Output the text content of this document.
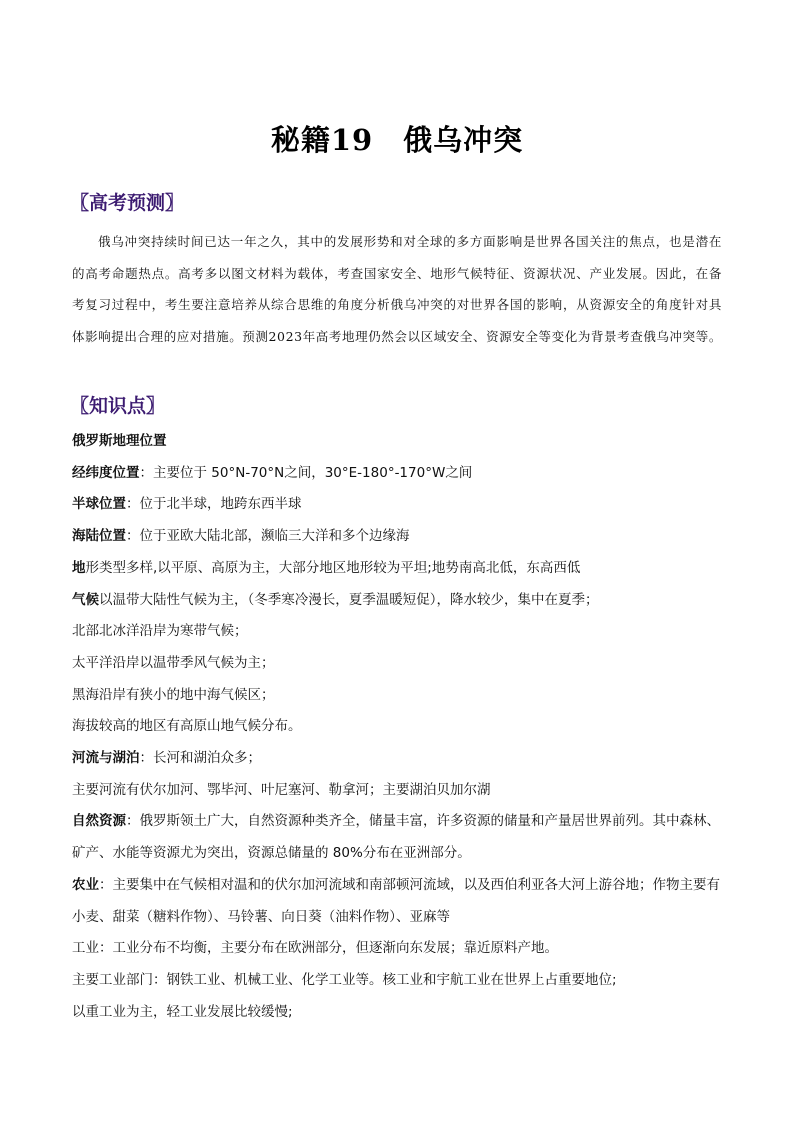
秘籍19　俄乌冲突
〖高考预测〗
俄乌冲突持续时间已达一年之久，其中的发展形势和对全球的多方面影响是世界各国关注的焦点，也是潜在的高考命题热点。高考多以图文材料为载体，考查国家安全、地形气候特征、资源状况、产业发展。因此，在备考复习过程中，考生要注意培养从综合思维的角度分析俄乌冲突的对世界各国的影响，从资源安全的角度针对具体影响提出合理的应对措施。预测2023年高考地理仍然会以区域安全、资源安全等变化为背景考查俄乌冲突等。
〖知识点〗
俄罗斯地理位置
经纬度位置：主要位于 50°N-70°N之间，30°E-180°-170°W之间
半球位置：位于北半球，地跨东西半球
海陆位置：位于亚欧大陆北部，濒临三大洋和多个边缘海
地形类型多样,以平原、高原为主，大部分地区地形较为平坦;地势南高北低，东高西低
气候以温带大陆性气候为主，（冬季寒冷漫长，夏季温暖短促），降水较少，集中在夏季；
北部北冰洋沿岸为寒带气候；
太平洋沿岸以温带季风气候为主；
黑海沿岸有狭小的地中海气候区；
海拔较高的地区有高原山地气候分布。
河流与湖泊：长河和湖泊众多；
主要河流有伏尔加河、鄂毕河、叶尼塞河、勒拿河；主要湖泊贝加尔湖
自然资源：俄罗斯领土广大，自然资源种类齐全，储量丰富，许多资源的储量和产量居世界前列。其中森林、矿产、水能等资源尤为突出，资源总储量的 80%分布在亚洲部分。
农业：主要集中在气候相对温和的伏尔加河流域和南部顿河流域，以及西伯利亚各大河上游谷地；作物主要有小麦、甜菜（糖料作物）、马铃薯、向日葵（油料作物）、亚麻等
工业：工业分布不均衡，主要分布在欧洲部分，但逐渐向东发展；靠近原料产地。
主要工业部门：钢铁工业、机械工业、化学工业等。核工业和宇航工业在世界上占重要地位;
以重工业为主，轻工业发展比较缓慢;
